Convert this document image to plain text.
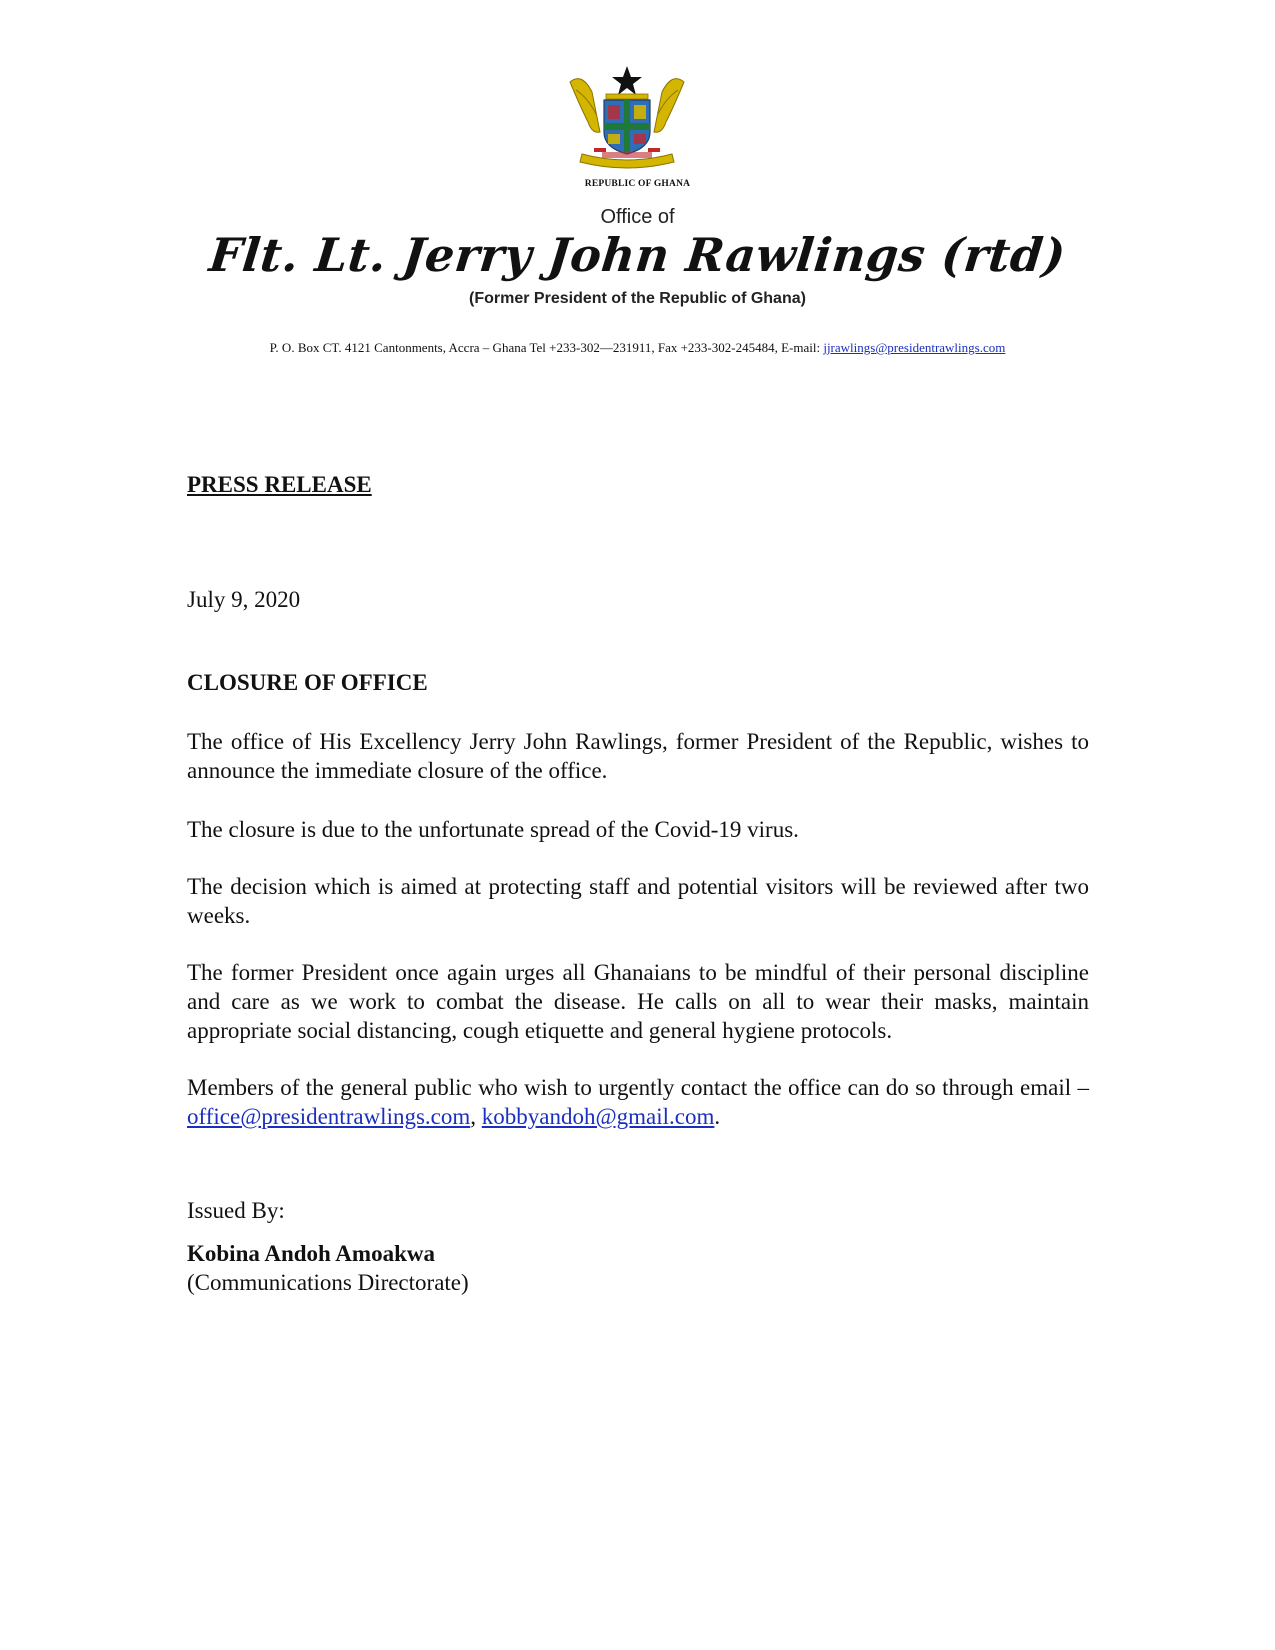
REPUBLIC OF GHANA
Office of
Flt. Lt. Jerry John Rawlings (rtd)
(Former President of the Republic of Ghana)
P. O. Box CT. 4121 Cantonments, Accra – Ghana Tel +233-302—231911, Fax +233-302-245484, E-mail: jjrawlings@presidentrawlings.com
PRESS RELEASE
July 9, 2020
CLOSURE OF OFFICE
The office of His Excellency Jerry John Rawlings, former President of the Republic, wishes to announce the immediate closure of the office.
The closure is due to the unfortunate spread of the Covid-19 virus.
The decision which is aimed at protecting staff and potential visitors will be reviewed after two weeks.
The former President once again urges all Ghanaians to be mindful of their personal discipline and care as we work to combat the disease. He calls on all to wear their masks, maintain appropriate social distancing, cough etiquette and general hygiene protocols.
Members of the general public who wish to urgently contact the office can do so through email – office@presidentrawlings.com, kobbyandoh@gmail.com.
Issued By:
Kobina Andoh Amoakwa
(Communications Directorate)
